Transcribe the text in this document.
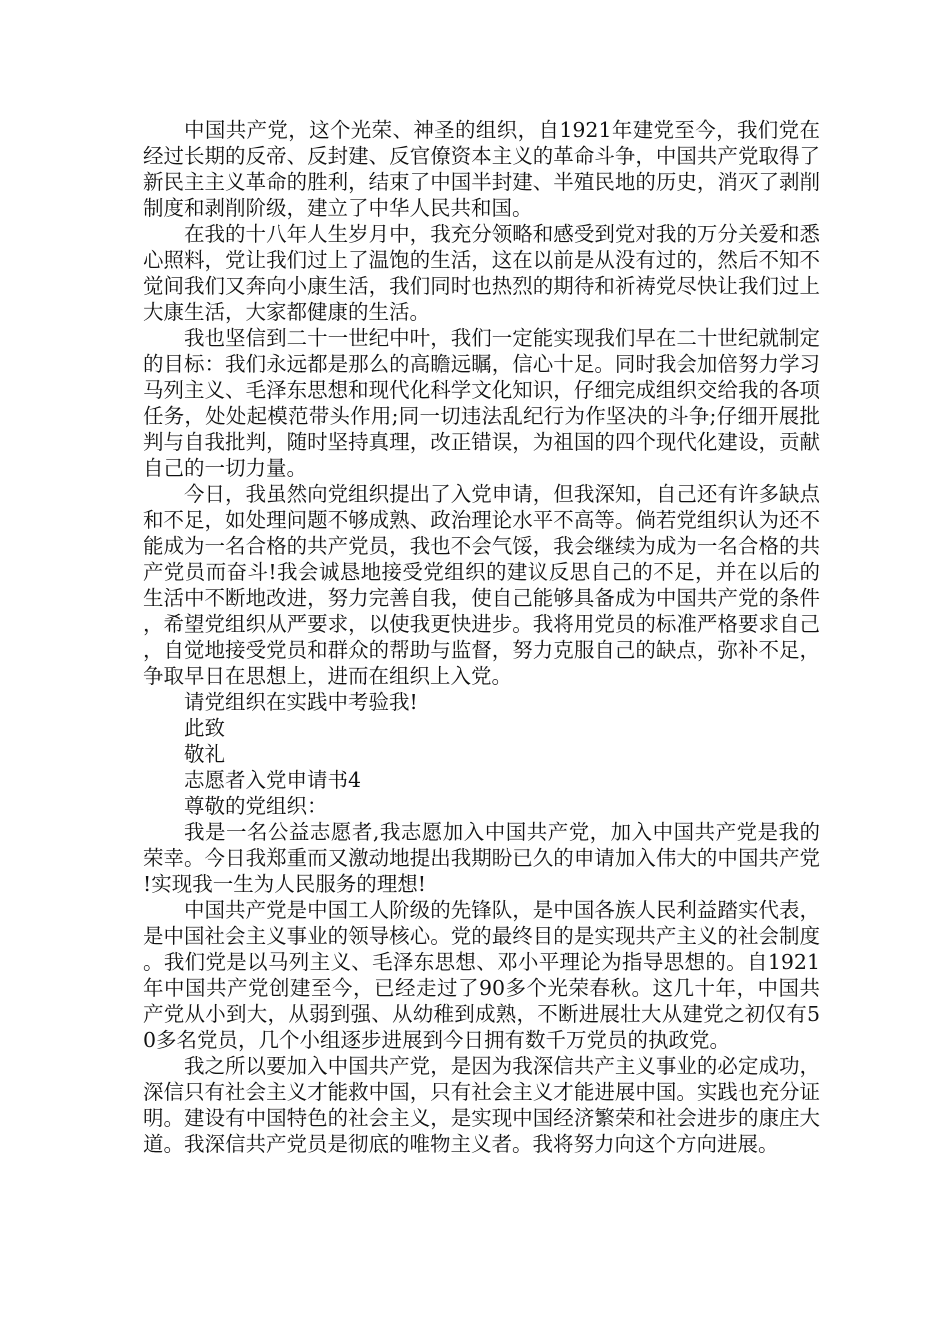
中国共产党，这个光荣、神圣的组织，自1921年建党至今，我们党在经过长期的反帝、反封建、反官僚资本主义的革命斗争，中国共产党取得了新民主主义革命的胜利，结束了中国半封建、半殖民地的历史，消灭了剥削制度和剥削阶级，建立了中华人民共和国。

在我的十八年人生岁月中，我充分领略和感受到党对我的万分关爱和悉心照料，党让我们过上了温饱的生活，这在以前是从没有过的，然后不知不觉间我们又奔向小康生活，我们同时也热烈的期待和祈祷党尽快让我们过上大康生活，大家都健康的生活。

我也坚信到二十一世纪中叶，我们一定能实现我们早在二十世纪就制定的目标：我们永远都是那么的高瞻远瞩，信心十足。同时我会加倍努力学习马列主义、毛泽东思想和现代化科学文化知识，仔细完成组织交给我的各项任务，处处起模范带头作用;同一切违法乱纪行为作坚决的斗争;仔细开展批判与自我批判，随时坚持真理，改正错误，为祖国的四个现代化建设，贡献自己的一切力量。

今日，我虽然向党组织提出了入党申请，但我深知，自己还有许多缺点和不足，如处理问题不够成熟、政治理论水平不高等。倘若党组织认为还不能成为一名合格的共产党员，我也不会气馁，我会继续为成为一名合格的共产党员而奋斗!我会诚恳地接受党组织的建议反思自己的不足，并在以后的生活中不断地改进，努力完善自我，使自己能够具备成为中国共产党的条件，希望党组织从严要求，以使我更快进步。我将用党员的标准严格要求自己，自觉地接受党员和群众的帮助与监督，努力克服自己的缺点，弥补不足，争取早日在思想上，进而在组织上入党。

请党组织在实践中考验我!

此致

敬礼

志愿者入党申请书4

尊敬的党组织：

我是一名公益志愿者,我志愿加入中国共产党，加入中国共产党是我的荣幸。今日我郑重而又激动地提出我期盼已久的申请加入伟大的中国共产党!实现我一生为人民服务的理想!

中国共产党是中国工人阶级的先锋队，是中国各族人民利益踏实代表，是中国社会主义事业的领导核心。党的最终目的是实现共产主义的社会制度。我们党是以马列主义、毛泽东思想、邓小平理论为指导思想的。自1921年中国共产党创建至今，已经走过了90多个光荣春秋。这几十年，中国共产党从小到大，从弱到强、从幼稚到成熟，不断进展壮大从建党之初仅有50多名党员，几个小组逐步进展到今日拥有数千万党员的执政党。

我之所以要加入中国共产党，是因为我深信共产主义事业的必定成功，深信只有社会主义才能救中国，只有社会主义才能进展中国。实践也充分证明。建设有中国特色的社会主义，是实现中国经济繁荣和社会进步的康庄大道。我深信共产党员是彻底的唯物主义者。我将努力向这个方向进展。
